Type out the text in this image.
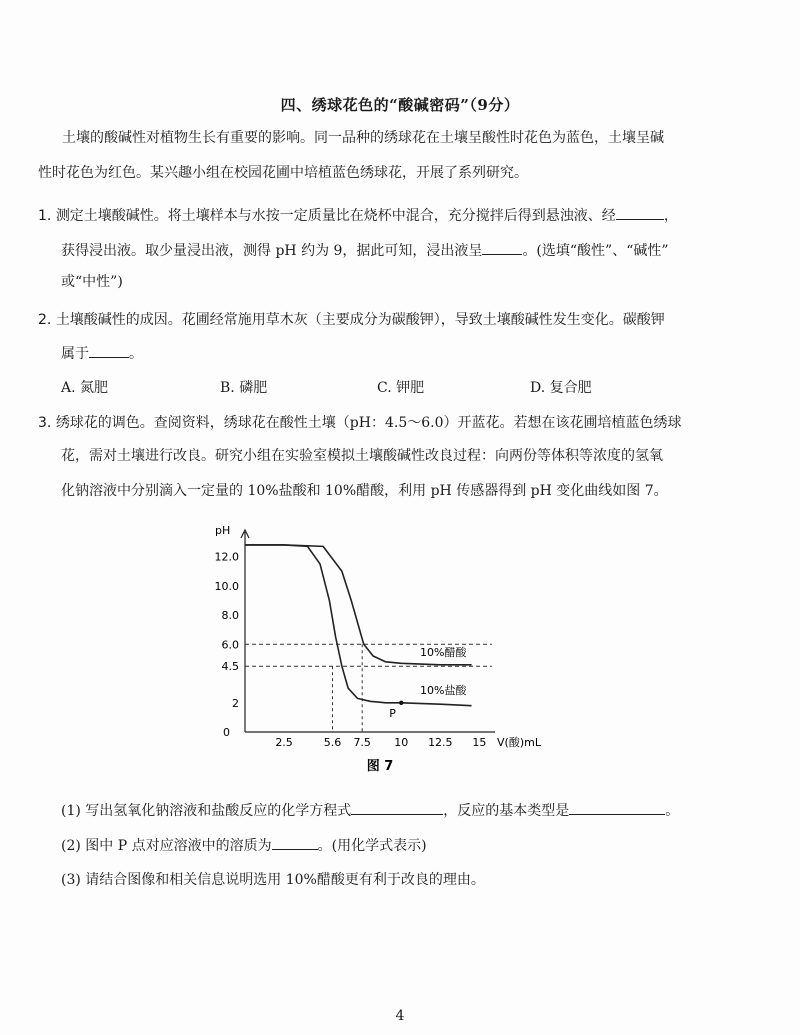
四、绣球花色的“酸碱密码”（9分）
土壤的酸碱性对植物生长有重要的影响。同一品种的绣球花在土壤呈酸性时花色为蓝色，土壤呈碱
性时花色为红色。某兴趣小组在校园花圃中培植蓝色绣球花，开展了系列研究。
1. 测定土壤酸碱性。将土壤样本与水按一定质量比在烧杯中混合，充分搅拌后得到悬浊液、经	，
获得浸出液。取少量浸出液，测得 pH 约为 9，据此可知，浸出液呈	。(选填“酸性”、“碱性”
或“中性”)
2. 土壤酸碱性的成因。花圃经常施用草木灰（主要成分为碳酸钾），导致土壤酸碱性发生变化。碳酸钾
属于	。
A. 氮肥	B. 磷肥	C. 钾肥	D. 复合肥
3. 绣球花的调色。查阅资料，绣球花在酸性土壤（pH：4.5～6.0）开蓝花。若想在该花圃培植蓝色绣球
花，需对土壤进行改良。研究小组在实验室模拟土壤酸碱性改良过程：向两份等体积等浓度的氢氧
化钠溶液中分别滴入一定量的 10%盐酸和 10%醋酸，利用 pH 传感器得到 pH 变化曲线如图 7。
pH
V(酸)mL
0
2
4.5
6.0
8.0
10.0
12.0
2.5	5.6 7.5 10 12.5 15
10%盐酸
10%醋酸
P
图 7
(1) 写出氢氧化钠溶液和盐酸反应的化学方程式	，反应的基本类型是	。
(2) 图中 P 点对应溶液中的溶质为	。(用化学式表示)
(3) 请结合图像和相关信息说明选用 10%醋酸更有利于改良的理由。
4
